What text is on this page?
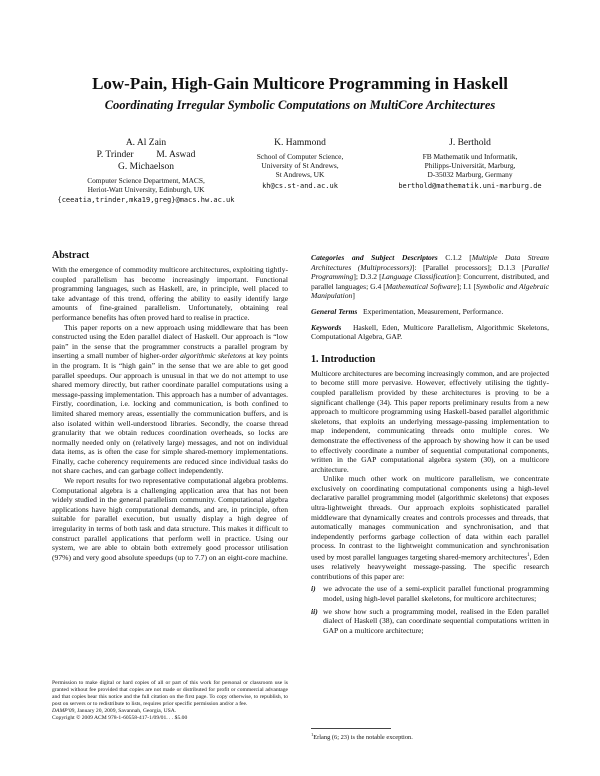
Low-Pain, High-Gain Multicore Programming in Haskell
Coordinating Irregular Symbolic Computations on MultiCore Architectures
A. Al Zain
P. Trinder M. Aswad
G. Michaelson
Computer Science Department, MACS,
Heriot-Watt University, Edinburgh, UK
{ceeatia,trinder,mka19,greg}@macs.hw.ac.uk
K. Hammond
School of Computer Science,
University of St Andrews,
St Andrews, UK
kh@cs.st-and.ac.uk
J. Berthold
FB Mathematik und Informatik,
Philipps-Universität, Marburg,
D-35032 Marburg, Germany
berthold@mathematik.uni-marburg.de
Abstract

With the emergence of commodity multicore architectures, exploiting tightly-coupled parallelism has become increasingly important. Functional programming languages, such as Haskell, are, in principle, well placed to take advantage of this trend, offering the ability to easily identify large amounts of fine-grained parallelism. Unfortunately, obtaining real performance benefits has often proved hard to realise in practice.

This paper reports on a new approach using middleware that has been constructed using the Eden parallel dialect of Haskell. Our approach is “low pain” in the sense that the programmer constructs a parallel program by inserting a small number of higher-order algorithmic skeletons at key points in the program. It is “high gain” in the sense that we are able to get good parallel speedups. Our approach is unusual in that we do not attempt to use shared memory directly, but rather coordinate parallel computations using a message-passing implementation. This approach has a number of advantages. Firstly, coordination, i.e. locking and communication, is both confined to limited shared memory areas, essentially the communication buffers, and is also isolated within well-understood libraries. Secondly, the coarse thread granularity that we obtain reduces coordination overheads, so locks are normally needed only on (relatively large) messages, and not on individual data items, as is often the case for simple shared-memory implementations. Finally, cache coherency requirements are reduced since individual tasks do not share caches, and can garbage collect independently.

We report results for two representative computational algebra problems. Computational algebra is a challenging application area that has not been widely studied in the general parallelism community. Computational algebra applications have high computational demands, and are, in principle, often suitable for parallel execution, but usually display a high degree of irregularity in terms of both task and data structure. This makes it difficult to construct parallel applications that perform well in practice. Using our system, we are able to obtain both extremely good processor utilisation (97%) and very good absolute speedups (up to 7.7) on an eight-core machine.

Permission to make digital or hard copies of all or part of this work for personal or classroom use is granted without fee provided that copies are not made or distributed for profit or commercial advantage and that copies bear this notice and the full citation on the first page. To copy otherwise, to republish, to post on servers or to redistribute to lists, requires prior specific permission and/or a fee.
DAMP'09, January 20, 2009, Savannah, Georgia, USA.
Copyright © 2009 ACM 978-1-60558-417-1/09/01. . . $5.00

Categories and Subject Descriptors C.1.2 [Multiple Data Stream Architectures (Multiprocessors)]: [Parallel processors]; D.1.3 [Parallel Programming]; D.3.2 [Language Classification]: Concurrent, distributed, and parallel languages; G.4 [Mathematical Software]; I.1 [Symbolic and Algebraic Manipulation]

General Terms Experimentation, Measurement, Performance.

Keywords Haskell, Eden, Multicore Parallelism, Algorithmic Skeletons, Computational Algebra, GAP.

1. Introduction

Multicore architectures are becoming increasingly common, and are projected to become still more pervasive. However, effectively utilising the tightly-coupled parallelism provided by these architectures is proving to be a significant challenge (34). This paper reports preliminary results from a new approach to multicore programming using Haskell-based parallel algorithmic skeletons, that exploits an underlying message-passing implementation to map independent, communicating threads onto multiple cores. We demonstrate the effectiveness of the approach by showing how it can be used to effectively coordinate a number of sequential computational components, written in the GAP computational algebra system (30), on a multicore architecture.

Unlike much other work on multicore parallelism, we concentrate exclusively on coordinating computational components using a high-level declarative parallel programming model (algorithmic skeletons) that exposes ultra-lightweight threads. Our approach exploits sophisticated parallel middleware that dynamically creates and controls processes and threads, that automatically manages communication and synchronisation, and that independently performs garbage collection of data within each parallel process. In contrast to the lightweight communication and synchronisation used by most parallel languages targeting shared-memory architectures$^1$, Eden uses relatively heavyweight message-passing. The specific research contributions of this paper are:

i) we advocate the use of a semi-explicit parallel functional programming model, using high-level parallel skeletons, for multicore architectures;
ii) we show how such a programming model, realised in the Eden parallel dialect of Haskell (38), can coordinate sequential computations written in GAP on a multicore architecture;
$^1$Erlang (6; 23) is the notable exception.
